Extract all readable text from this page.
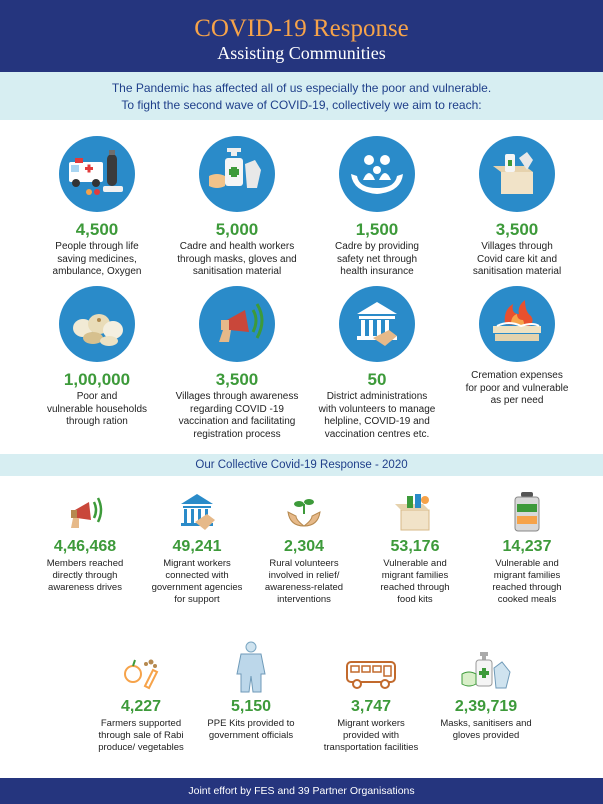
COVID-19 Response
Assisting Communities
The Pandemic has affected all of us especially the poor and vulnerable.
To fight the second wave of COVID-19, collectively we aim to reach:
4,500
People through life
saving medicines,
ambulance, Oxygen
5,000
Cadre and health workers
through masks, gloves and
sanitisation material
1,500
Cadre by providing
safety net through
health insurance
3,500
Villages through
Covid care kit and
sanitisation material
1,00,000
Poor and
vulnerable households
through ration
3,500
Villages through awareness
regarding COVID -19
vaccination and facilitating
registration process
50
District administrations
with volunteers to manage
helpline, COVID-19 and
vaccination centres etc.
Cremation expenses
for poor and vulnerable
as per need
Our Collective Covid-19 Response - 2020
4,46,468
Members reached
directly through
awareness drives
49,241
Migrant workers
connected with
government agencies
for support
2,304
Rural volunteers
involved in relief/
awareness-related
interventions
53,176
Vulnerable and
migrant families
reached through
food kits
14,237
Vulnerable and
migrant families
reached through
cooked meals
4,227
Farmers supported
through sale of Rabi
produce/ vegetables
5,150
PPE Kits provided to
government officials
3,747
Migrant workers
provided with
transportation facilities
2,39,719
Masks, sanitisers and
gloves provided
Joint effort by FES and 39 Partner Organisations
